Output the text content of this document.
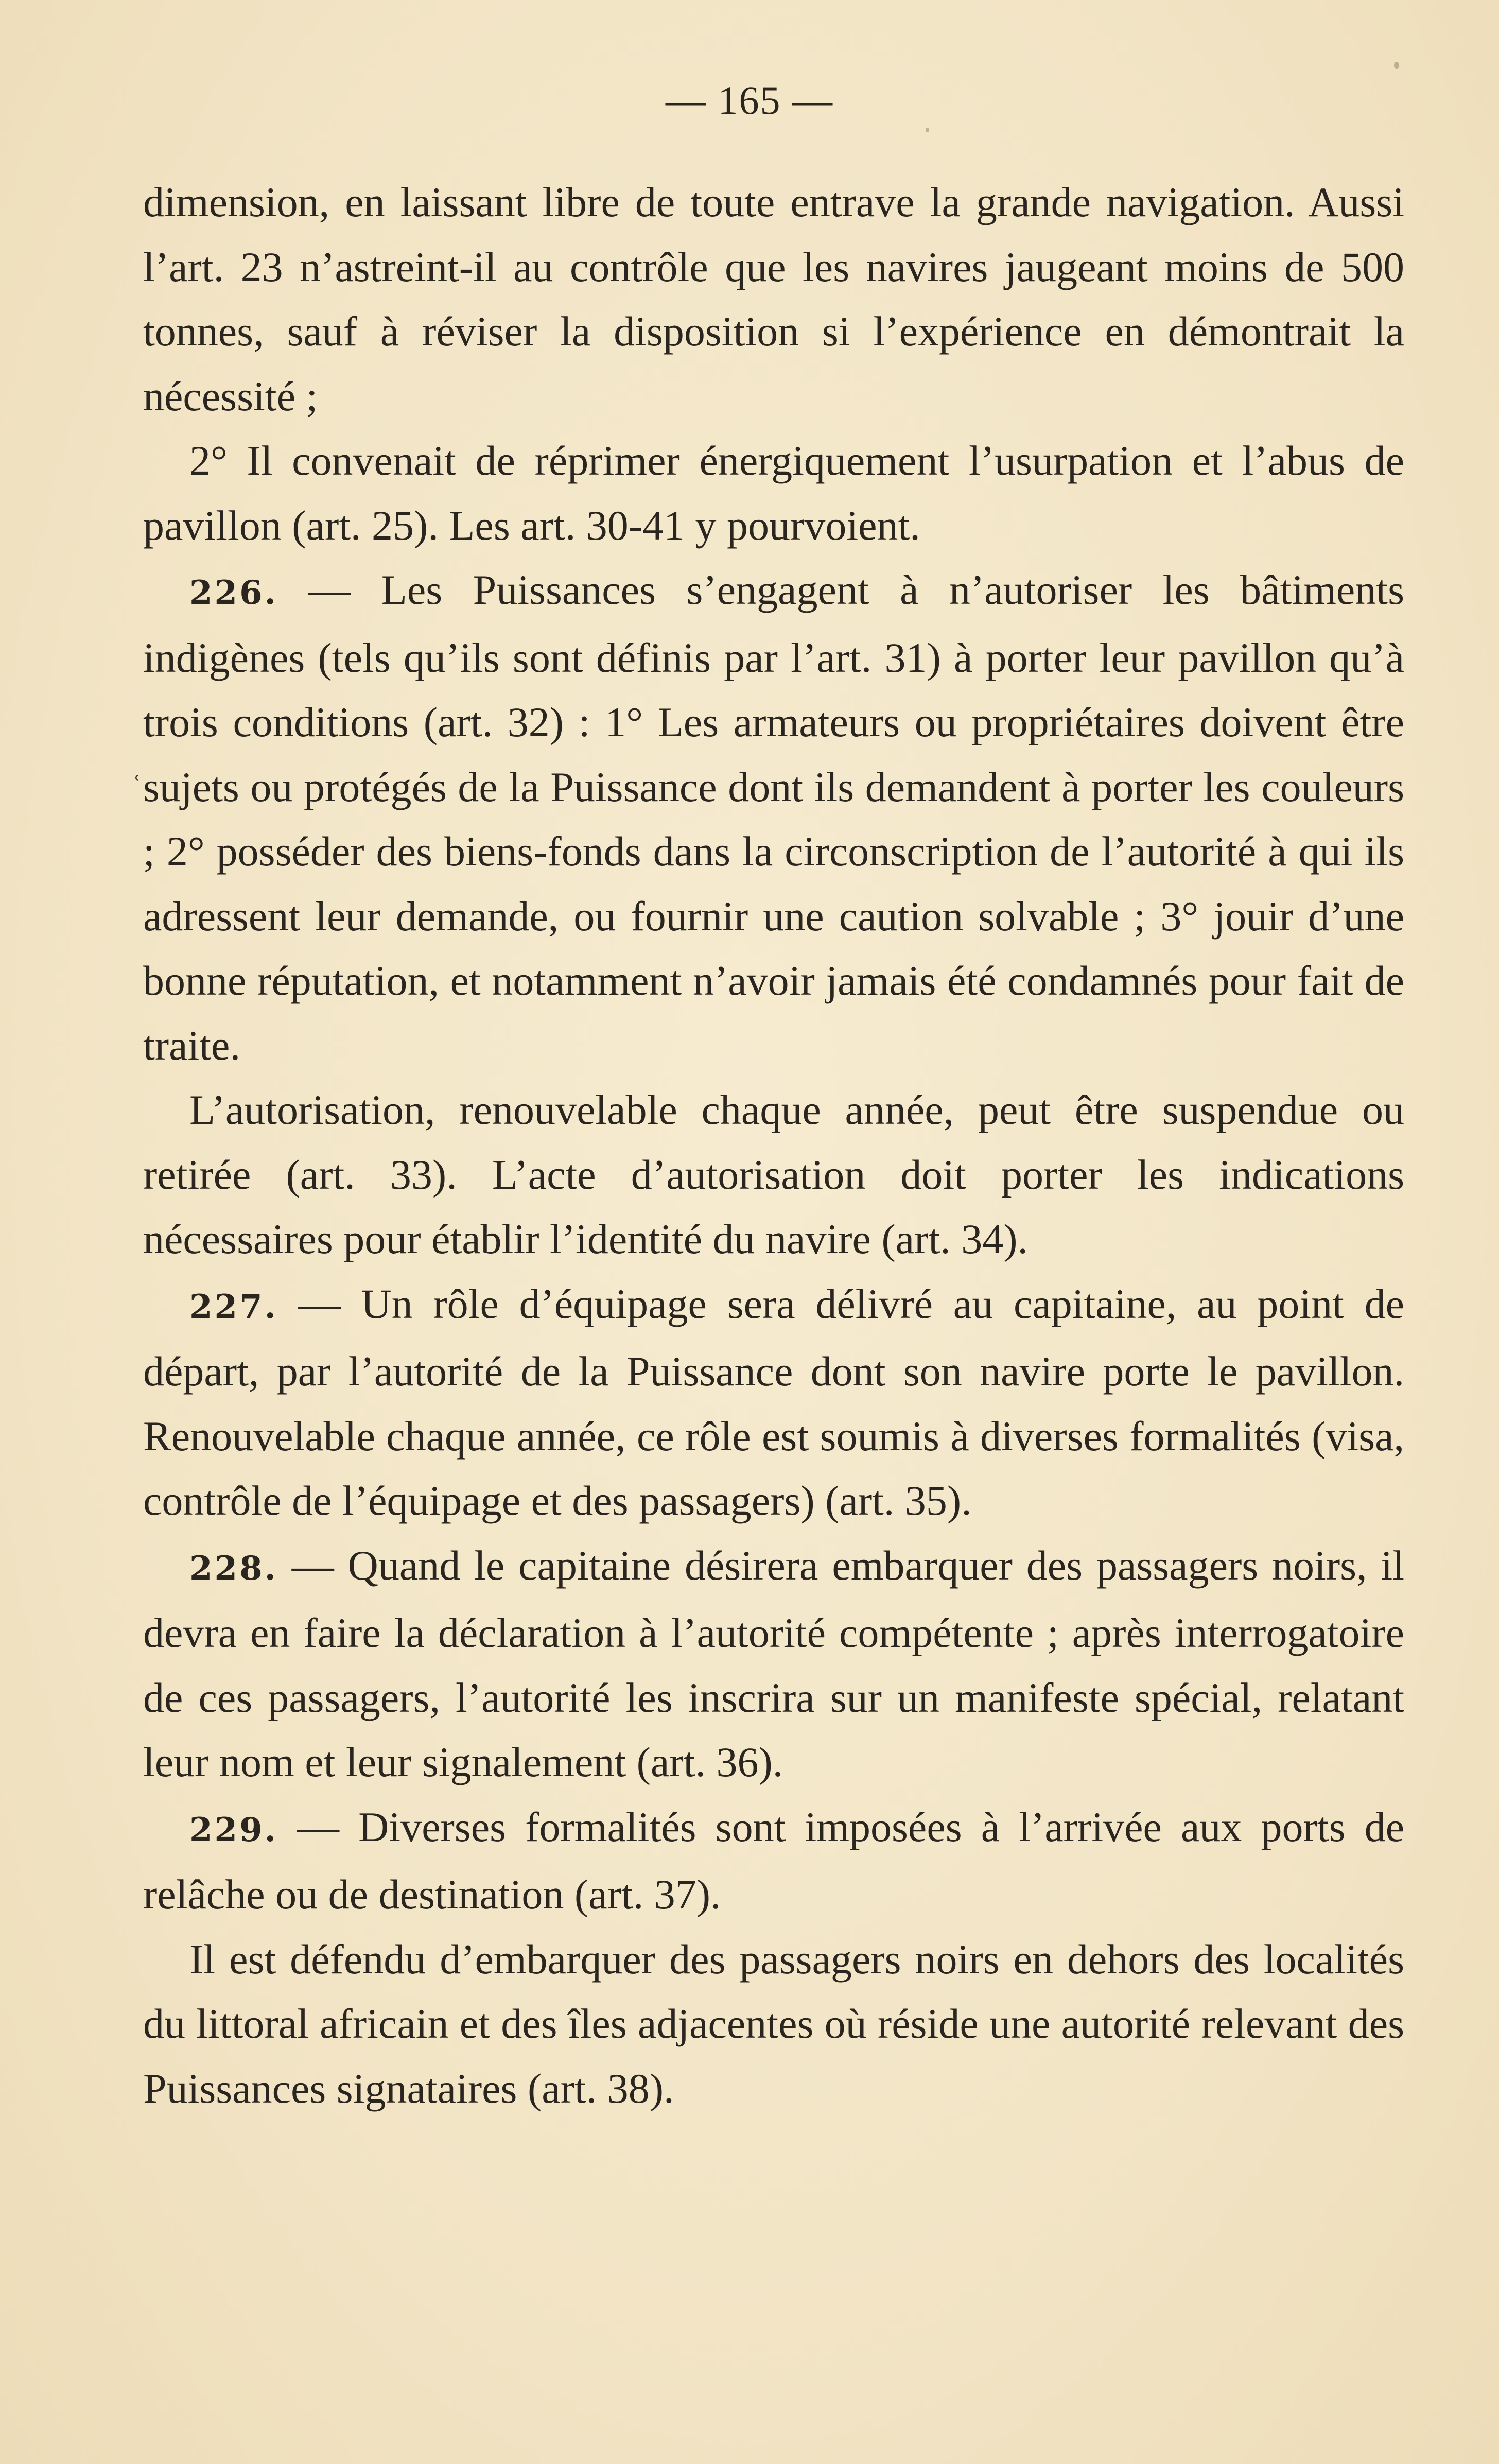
— 165 —
ʿ

dimension, en laissant libre de toute entrave la grande navigation. Aussi l’art. 23 n’astreint-il au contrôle que les navires jaugeant moins de 500 tonnes, sauf à réviser la disposition si l’expérience en démontrait la nécessité ;

2° Il convenait de réprimer énergiquement l’usurpation et l’abus de pavillon (art. 25). Les art. 30-41 y pourvoient.

226. — Les Puissances s’engagent à n’autoriser les bâtiments indigènes (tels qu’ils sont définis par l’art. 31) à porter leur pavillon qu’à trois conditions (art. 32) : 1° Les armateurs ou propriétaires doivent être sujets ou protégés de la Puissance dont ils demandent à porter les couleurs ; 2° posséder des biens-fonds dans la circonscription de l’autorité à qui ils adressent leur demande, ou fournir une caution solvable ; 3° jouir d’une bonne réputation, et notamment n’avoir jamais été condamnés pour fait de traite.

L’autorisation, renouvelable chaque année, peut être suspendue ou retirée (art. 33). L’acte d’autorisation doit porter les indications nécessaires pour établir l’identité du navire (art. 34).

227. — Un rôle d’équipage sera délivré au capitaine, au point de départ, par l’autorité de la Puissance dont son navire porte le pavillon. Renouvelable chaque année, ce rôle est soumis à diverses formalités (visa, contrôle de l’équipage et des passagers) (art. 35).

228. — Quand le capitaine désirera embarquer des passagers noirs, il devra en faire la déclaration à l’autorité compétente ; après interrogatoire de ces passagers, l’autorité les inscrira sur un manifeste spécial, relatant leur nom et leur signalement (art. 36).

229. — Diverses formalités sont imposées à l’arrivée aux ports de relâche ou de destination (art. 37).

Il est défendu d’embarquer des passagers noirs en dehors des localités du littoral africain et des îles adjacentes où réside une autorité relevant des Puissances signataires (art. 38).
